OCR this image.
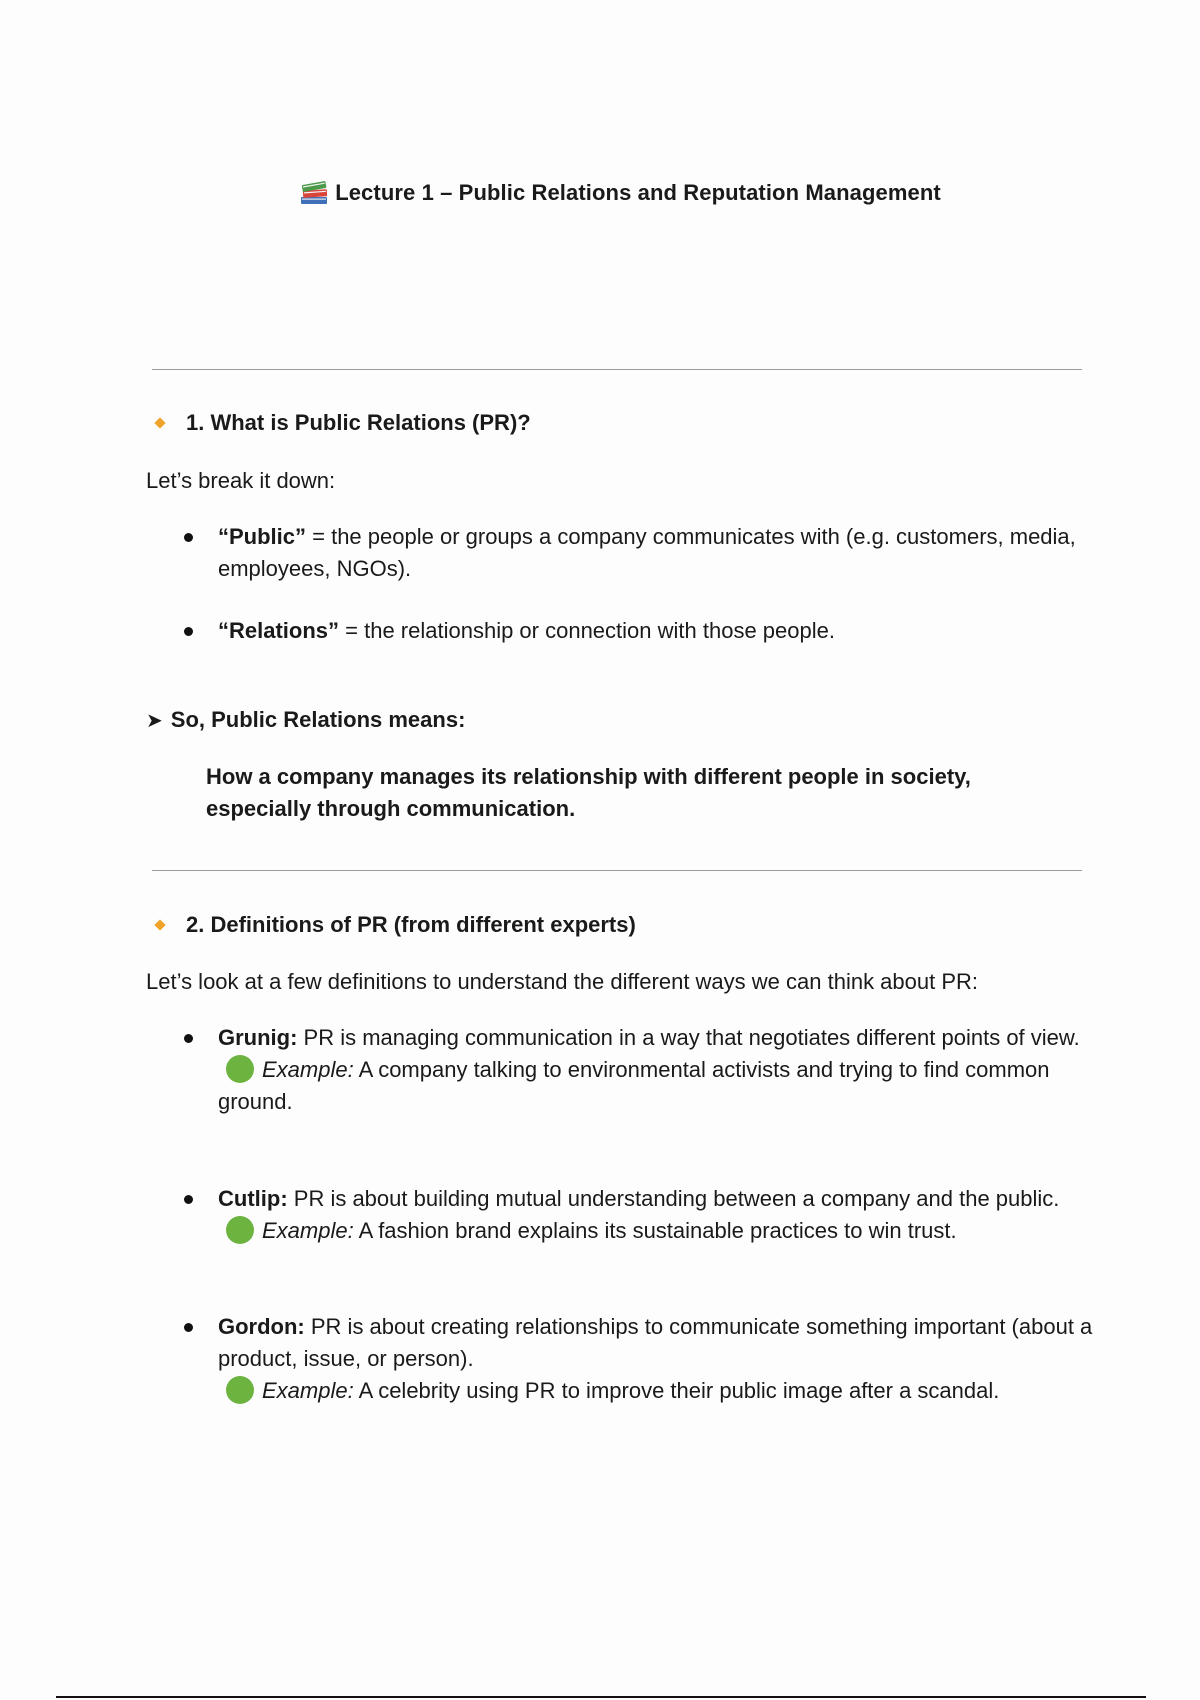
Lecture 1 – Public Relations and Reputation Management
1. What is Public Relations (PR)?
Let’s break it down:
“Public” = the people or groups a company communicates with (e.g. customers, media, employees, NGOs).
“Relations” = the relationship or connection with those people.
➤ So, Public Relations means:
How a company manages its relationship with different people in society, especially through communication.
2. Definitions of PR (from different experts)
Let’s look at a few definitions to understand the different ways we can think about PR:
Grunig: PR is managing communication in a way that negotiates different points of view.
Example: A company talking to environmental activists and trying to find common ground.
Cutlip: PR is about building mutual understanding between a company and the public.
Example: A fashion brand explains its sustainable practices to win trust.
Gordon: PR is about creating relationships to communicate something important (about a product, issue, or person).
Example: A celebrity using PR to improve their public image after a scandal.
